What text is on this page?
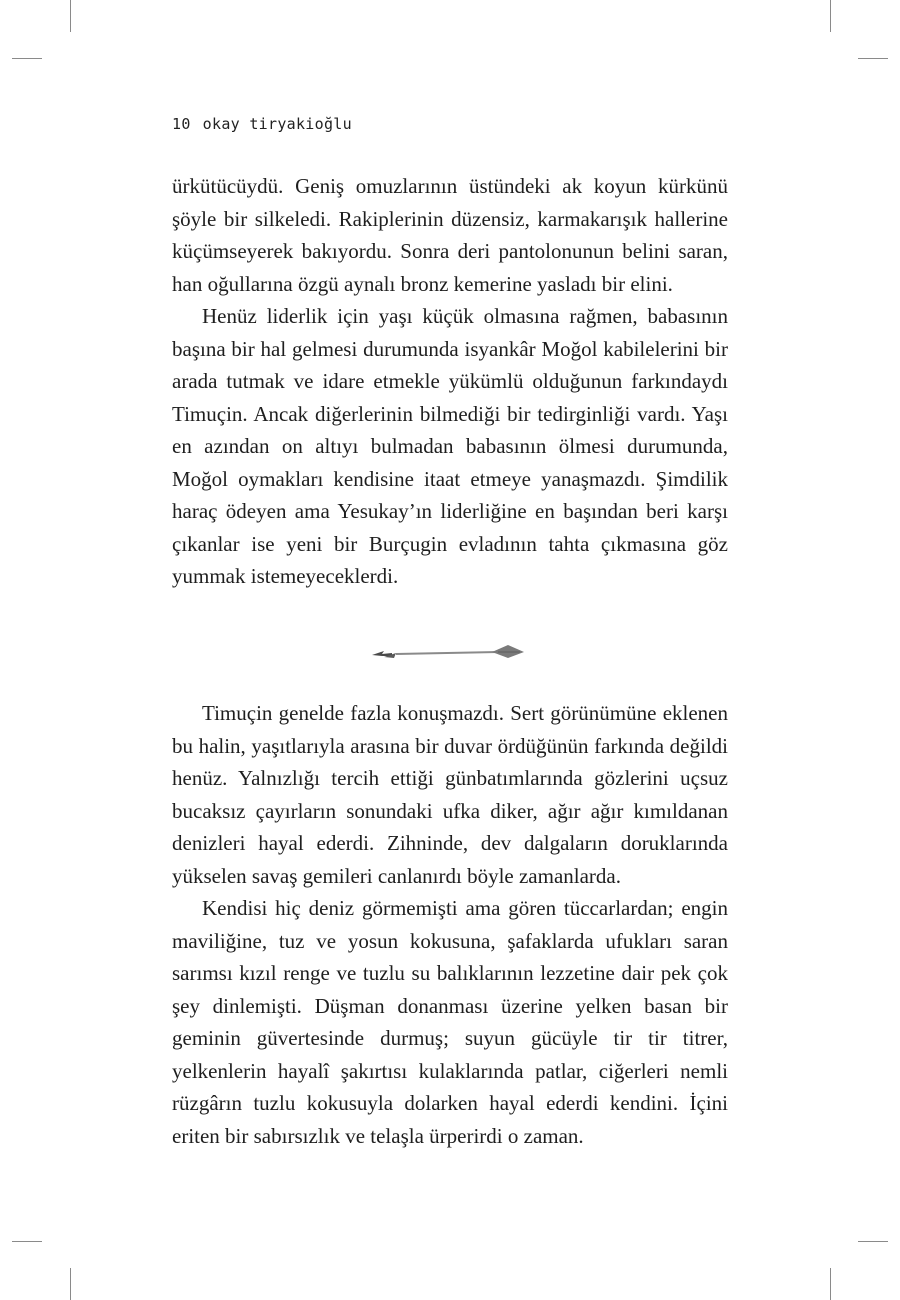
10 okay tiryakioğlu

ürkütücüydü. Geniş omuzlarının üstündeki ak koyun kürkünü şöyle bir silkeledi. Rakiplerinin düzensiz, karmakarışık hallerine küçümseyerek bakıyordu. Sonra deri pantolonunun belini saran, han oğullarına özgü aynalı bronz kemerine yasladı bir elini.

Henüz liderlik için yaşı küçük olmasına rağmen, babasının başına bir hal gelmesi durumunda isyankâr Moğol kabilelerini bir arada tutmak ve idare etmekle yükümlü olduğunun farkındaydı Timuçin. Ancak diğerlerinin bilmediği bir tedirginliği vardı. Yaşı en azından on altıyı bulmadan babasının ölmesi durumunda, Moğol oymakları kendisine itaat etmeye yanaşmazdı. Şimdilik haraç ödeyen ama Yesukay’ın liderliğine en başından beri karşı çıkanlar ise yeni bir Burçugin evladının tahta çıkmasına göz yummak istemeyeceklerdi.

Timuçin genelde fazla konuşmazdı. Sert görünümüne eklenen bu halin, yaşıtlarıyla arasına bir duvar ördüğünün farkında değildi henüz. Yalnızlığı tercih ettiği günbatımlarında gözlerini uçsuz bucaksız çayırların sonundaki ufka diker, ağır ağır kımıldanan denizleri hayal ederdi. Zihninde, dev dalgaların doruklarında yükselen savaş gemileri canlanırdı böyle zamanlarda.

Kendisi hiç deniz görmemişti ama gören tüccarlardan; engin maviliğine, tuz ve yosun kokusuna, şafaklarda ufukları saran sarımsı kızıl renge ve tuzlu su balıklarının lezzetine dair pek çok şey dinlemişti. Düşman donanması üzerine yelken basan bir geminin güvertesinde durmuş; suyun gücüyle tir tir titrer, yelkenlerin hayalî şakırtısı kulaklarında patlar, ciğerleri nemli rüzgârın tuzlu kokusuyla dolarken hayal ederdi kendini. İçini eriten bir sabırsızlık ve telaşla ürperirdi o zaman.
